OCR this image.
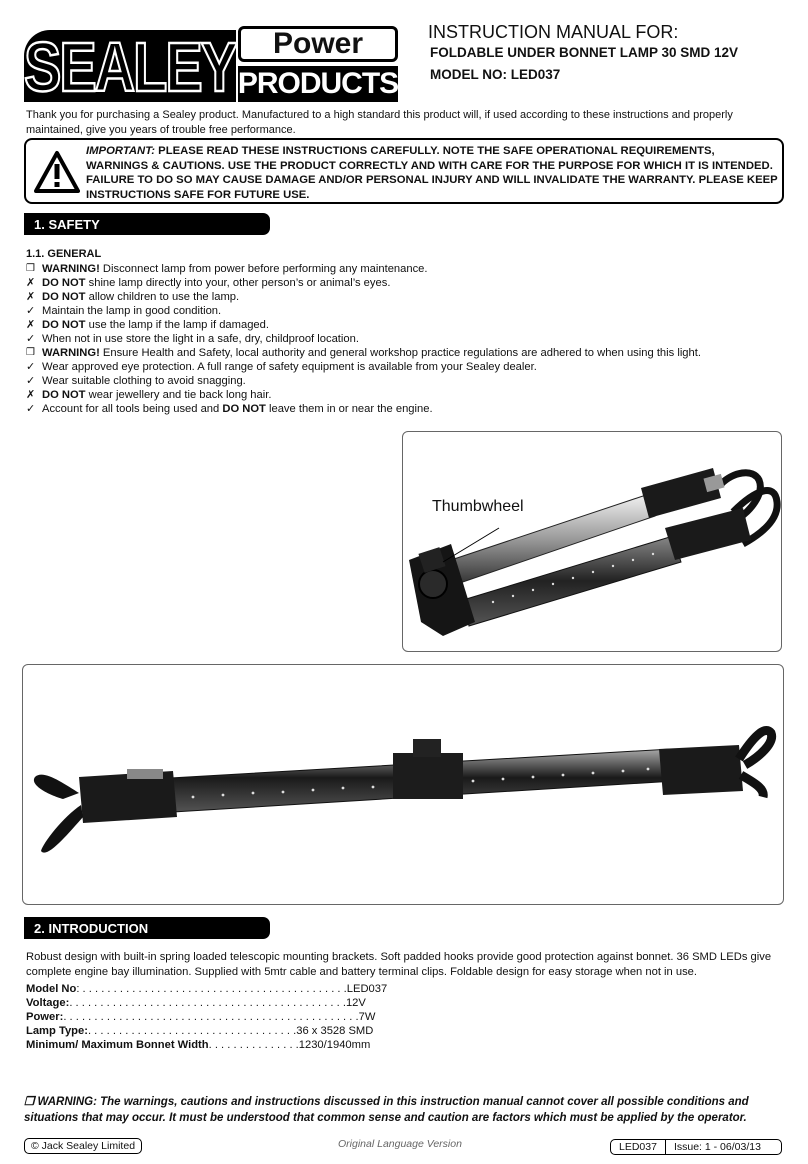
SEALEY	Power
PRODUCTS
INSTRUCTION MANUAL FOR:
FOLDABLE UNDER BONNET LAMP 30 SMD 12V
MODEL NO: LED037
Thank you for purchasing a Sealey product. Manufactured to a high standard this product will, if used according to these instructions and properly maintained, give you years of trouble free performance.
IMPORTANT: PLEASE READ THESE INSTRUCTIONS CAREFULLY. NOTE THE SAFE OPERATIONAL REQUIREMENTS, WARNINGS & CAUTIONS. USE THE PRODUCT CORRECTLY AND WITH CARE FOR THE PURPOSE FOR WHICH IT IS INTENDED. FAILURE TO DO SO MAY CAUSE DAMAGE AND/OR PERSONAL INJURY AND WILL INVALIDATE THE WARRANTY. PLEASE KEEP INSTRUCTIONS SAFE FOR FUTURE USE.
1. SAFETY
1.1. GENERAL
❒ WARNING! Disconnect lamp from power before performing any maintenance.
✗ DO NOT shine lamp directly into your, other person’s or animal’s eyes.
✗ DO NOT allow children to use the lamp.
✓ Maintain the lamp in good condition.
✗ DO NOT use the lamp if the lamp if damaged.
✓ When not in use store the light in a safe, dry, childproof location.
❒ WARNING! Ensure Health and Safety, local authority and general workshop practice regulations are adhered to when using this light.
✓ Wear approved eye protection. A full range of safety equipment is available from your Sealey dealer.
✓ Wear suitable clothing to avoid snagging.
✗ DO NOT wear jewellery and tie back long hair.
✓ Account for all tools being used and DO NOT leave them in or near the engine.
Thumbwheel
2. INTRODUCTION
Robust design with built-in spring loaded telescopic mounting brackets. Soft padded hooks provide good protection against bonnet. 36 SMD LEDs give complete engine bay illumination. Supplied with 5mtr cable and battery terminal clips. Foldable design for easy storage when not in use.
Model No : . . . . . . . . . . . . . . . . . . . . . . . . . . . . . . . . . . . . . . . . . . . LED037
Voltage: . . . . . . . . . . . . . . . . . . . . . . . . . . . . . . . . . . . . . . . . . . . . . 12V
Power: . . . . . . . . . . . . . . . . . . . . . . . . . . . . . . . . . . . . . . . . . . . . . . . . 7W
Lamp Type: . . . . . . . . . . . . . . . . . . . . . . . . . . . . . . . . . . 36 x 3528 SMD
Minimum/ Maximum Bonnet Width . . . . . . . . . . . . . . . 1230/1940mm
❒ WARNING: The warnings, cautions and instructions discussed in this instruction manual cannot cover all possible conditions and situations that may occur. It must be understood that common sense and caution are factors which must be applied by the operator.
© Jack Sealey Limited	Original Language Version	LED037	Issue: 1 - 06/03/13
